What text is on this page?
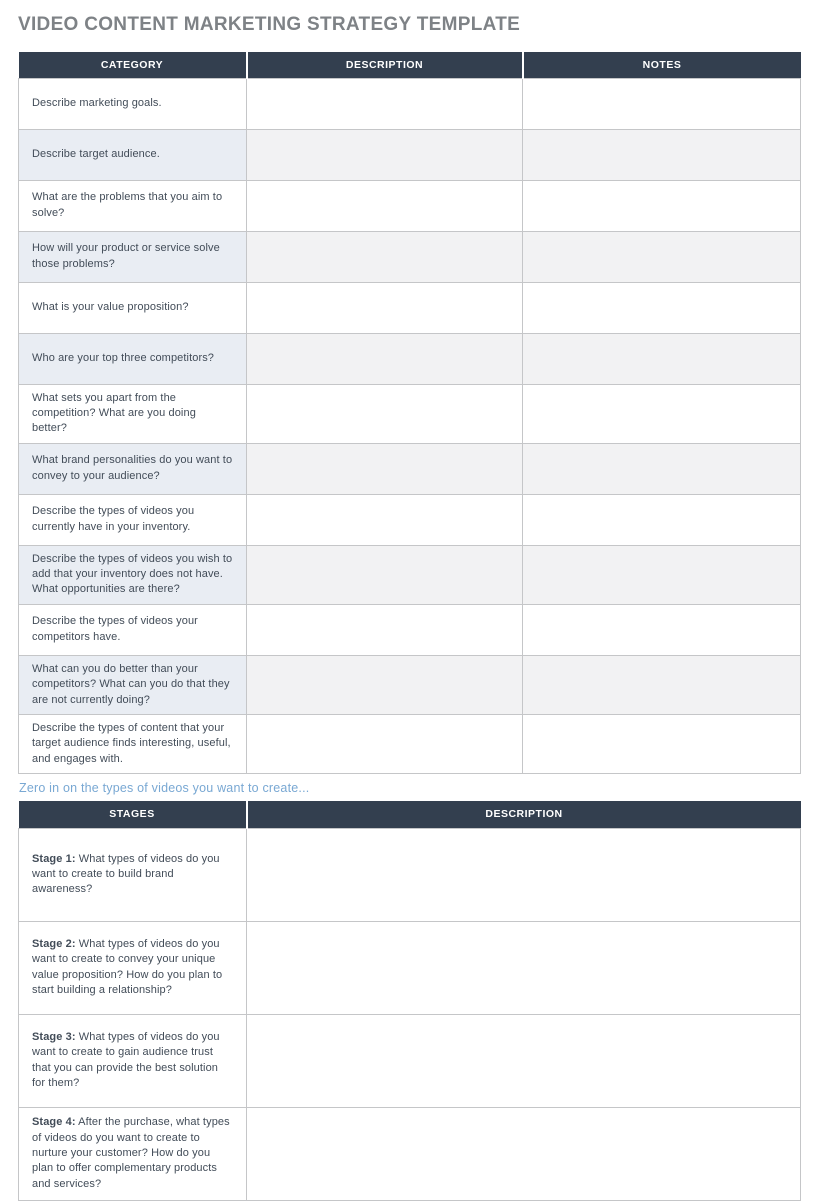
VIDEO CONTENT MARKETING STRATEGY TEMPLATE
CATEGORY	DESCRIPTION	NOTES
Describe marketing goals.		
Describe target audience.		
What are the problems that you aim to solve?		
How will your product or service solve those problems?		
What is your value proposition?		
Who are your top three competitors?		
What sets you apart from the competition? What are you doing better?		
What brand personalities do you want to convey to your audience?		
Describe the types of videos you currently have in your inventory.		
Describe the types of videos you wish to add that your inventory does not have. What opportunities are there?		
Describe the types of videos your competitors have.		
What can you do better than your competitors? What can you do that they are not currently doing?		
Describe the types of content that your target audience finds interesting, useful, and engages with.		
Zero in on the types of videos you want to create...
STAGES	DESCRIPTION
Stage 1: What types of videos do you want to create to build brand awareness?	
Stage 2: What types of videos do you want to create to convey your unique value proposition? How do you plan to start building a relationship?	
Stage 3: What types of videos do you want to create to gain audience trust that you can provide the best solution for them?	
Stage 4: After the purchase, what types of videos do you want to create to nurture your customer? How do you plan to offer complementary products and services?	
